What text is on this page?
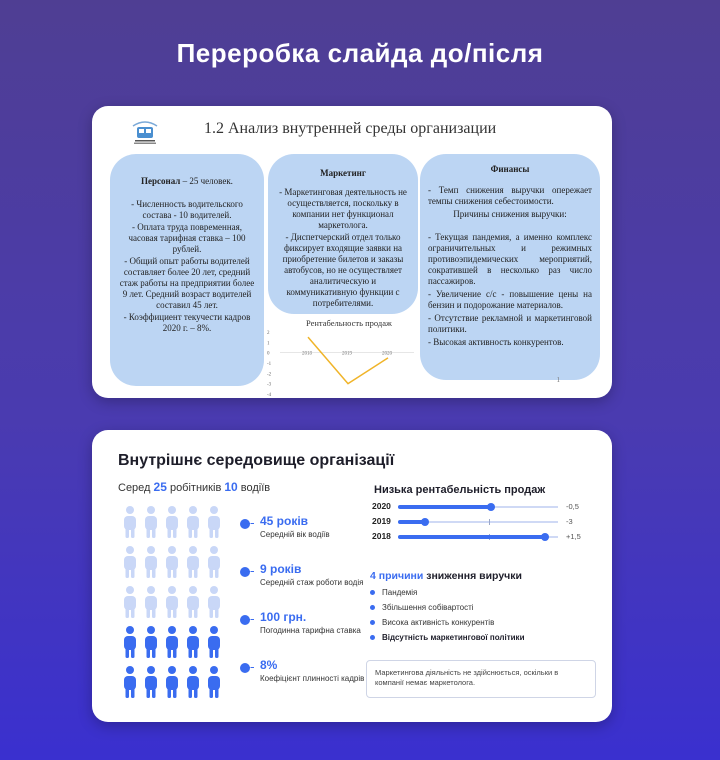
Переробка слайда до/після
1.2 Анализ внутренней среды организации

Персонал – 25 человек.

- Численность водительского состава - 10 водителей.

- Оплата труда повременная, часовая тарифная ставка – 100 рублей.

- Общий опыт работы водителей составляет более 20 лет, средний стаж работы на предприятии более 9 лет. Средний возраст водителей составил 45 лет.

- Коэффициент текучести кадров 2020 г. – 8%.

Маркетинг

- Маркетинговая деятельность не осуществляется, поскольку в компании нет функционал маркетолога.

- Диспетчерский отдел только фиксирует входящие заявки на приобретение билетов и заказы автобусов, но не осуществляет аналитическую и коммуникативную функции с потребителями.

Финансы

- Темп снижения выручки опережает темпы снижения себестоимости.

Причины снижения выручки:

- Текущая пандемия, а именно комплекс ограничительных и режимных противоэпидемических мероприятий, сократившей в несколько раз число пассажиров.

- Увеличение с/с - повышение цены на бензин и подорожание материалов.

- Отсутствие рекламной и маркетинговой политики.

- Высокая активность конкурентов.

Рентабельность продаж
2
1
0
-1
-2
-3
-4
2018	2019	2020
1
Внутрішнє середовище організації
Серед 25 робітників 10 водіїв
45 років
Середній вік водіїв
9 років
Середній стаж роботи водія
100 грн.
Погодинна тарифна ставка
8%
Коефіцієнт плинності кадрів
Низька рентабельність продаж
2020	-0,5
2019	-3
2018	+1,5
4 причини зниження виручки
Пандемія
Збільшення собівартості
Висока активність конкурентів
Відсутність маркетингової політики
Маркетингова діяльність не здійснюється, оскільки в компанії немає маркетолога.
